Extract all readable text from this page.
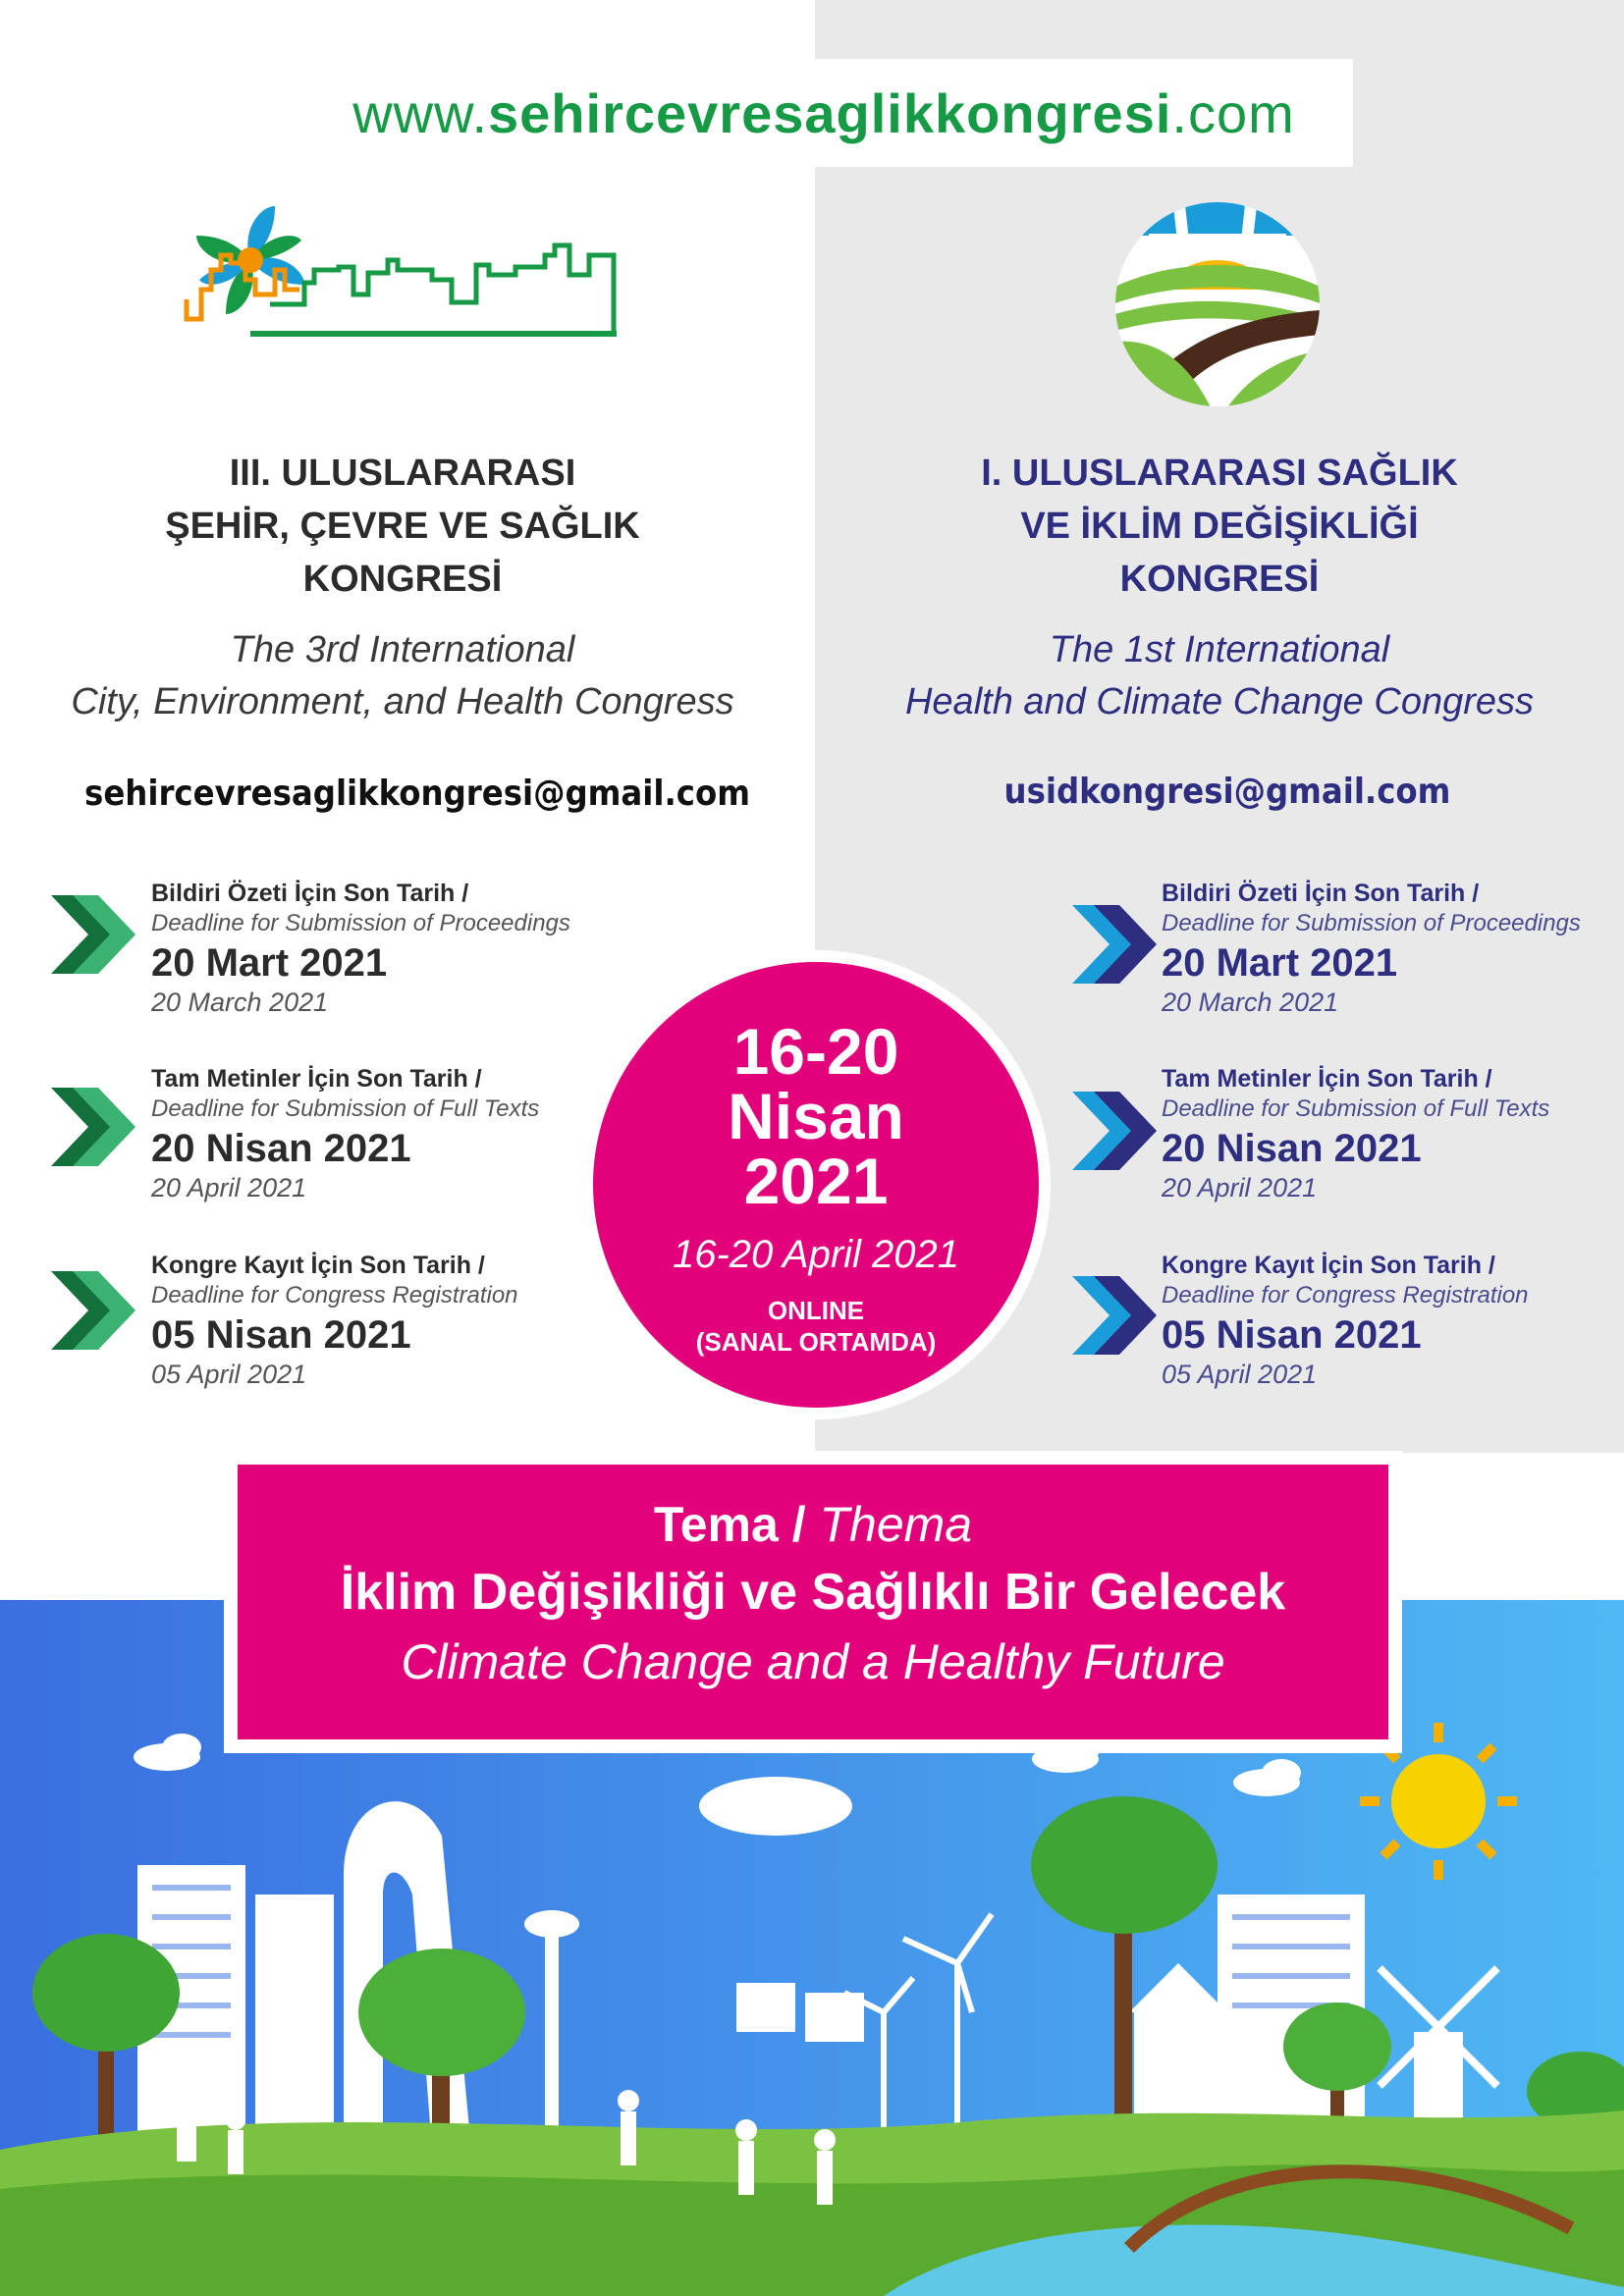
www. sehircevresaglikkongresi .com
III. ULUSLARARASI
ŞEHİR, ÇEVRE VE SAĞLIK
KONGRESİ
The 3rd International
City, Environment, and Health Congress
sehircevresaglikkongresi@gmail.com
I. ULUSLARARASI SAĞLIK
VE İKLİM DEĞİŞİKLİĞİ
KONGRESİ
The 1st International
Health and Climate Change Congress
usidkongresi@gmail.com
Bildiri Özeti İçin Son Tarih /
Deadline for Submission of Proceedings
20 Mart 2021
20 March 2021
Tam Metinler İçin Son Tarih /
Deadline for Submission of Full Texts
20 Nisan 2021
20 April 2021
Kongre Kayıt İçin Son Tarih /
Deadline for Congress Registration
05 Nisan 2021
05 April 2021
Bildiri Özeti İçin Son Tarih /
Deadline for Submission of Proceedings
20 Mart 2021
20 March 2021
Tam Metinler İçin Son Tarih /
Deadline for Submission of Full Texts
20 Nisan 2021
20 April 2021
Kongre Kayıt İçin Son Tarih /
Deadline for Congress Registration
05 Nisan 2021
05 April 2021
16-20
Nisan
2021
16-20 April 2021
ONLINE
(SANAL ORTAMDA)
Tema / Thema
İklim Değişikliği ve Sağlıklı Bir Gelecek
Climate Change and a Healthy Future
